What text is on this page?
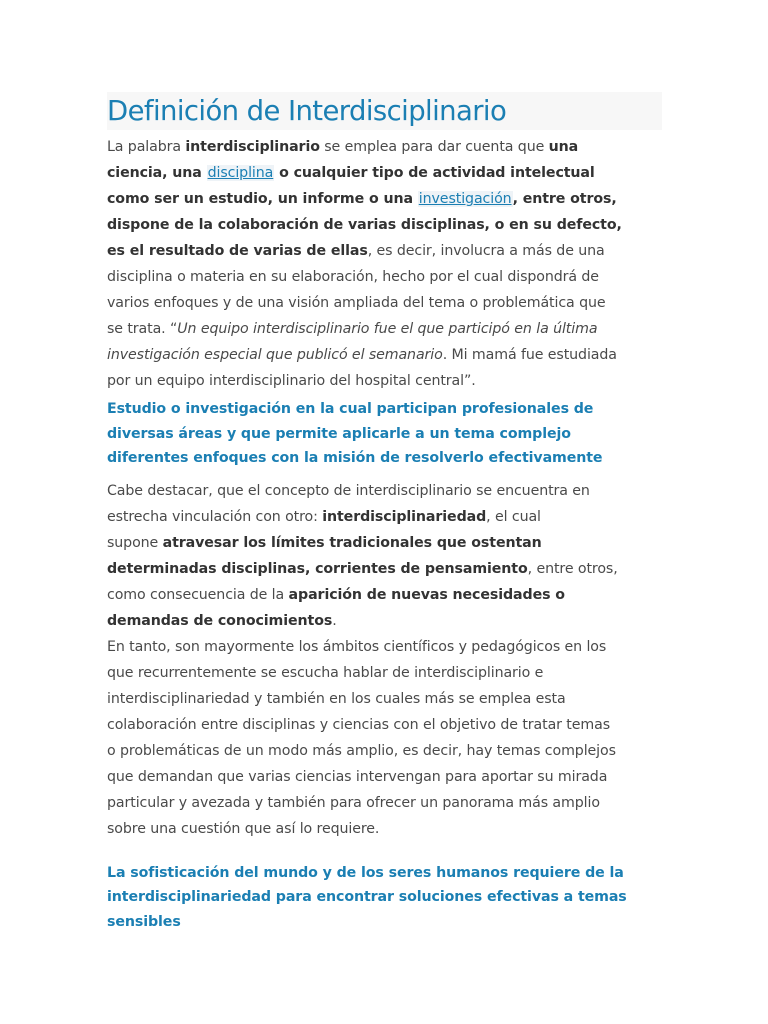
Definición de Interdisciplinario

La palabra interdisciplinario se emplea para dar cuenta que una
ciencia, una disciplina o cualquier tipo de actividad intelectual
como ser un estudio, un informe o una investigación, entre otros,
dispone de la colaboración de varias disciplinas, o en su defecto,
es el resultado de varias de ellas, es decir, involucra a más de una
disciplina o materia en su elaboración, hecho por el cual dispondrá de
varios enfoques y de una visión ampliada del tema o problemática que
se trata. “Un equipo interdisciplinario fue el que participó en la última
investigación especial que publicó el semanario. Mi mamá fue estudiada
por un equipo interdisciplinario del hospital central”.

Estudio o investigación en la cual participan profesionales de
diversas áreas y que permite aplicarle a un tema complejo
diferentes enfoques con la misión de resolverlo efectivamente

Cabe destacar, que el concepto de interdisciplinario se encuentra en
estrecha vinculación con otro: interdisciplinariedad, el cual
supone atravesar los límites tradicionales que ostentan
determinadas disciplinas, corrientes de pensamiento, entre otros,
como consecuencia de la aparición de nuevas necesidades o
demandas de conocimientos.
En tanto, son mayormente los ámbitos científicos y pedagógicos en los
que recurrentemente se escucha hablar de interdisciplinario e
interdisciplinariedad y también en los cuales más se emplea esta
colaboración entre disciplinas y ciencias con el objetivo de tratar temas
o problemáticas de un modo más amplio, es decir, hay temas complejos
que demandan que varias ciencias intervengan para aportar su mirada
particular y avezada y también para ofrecer un panorama más amplio
sobre una cuestión que así lo requiere.

La sofisticación del mundo y de los seres humanos requiere de la
interdisciplinariedad para encontrar soluciones efectivas a temas
sensibles
